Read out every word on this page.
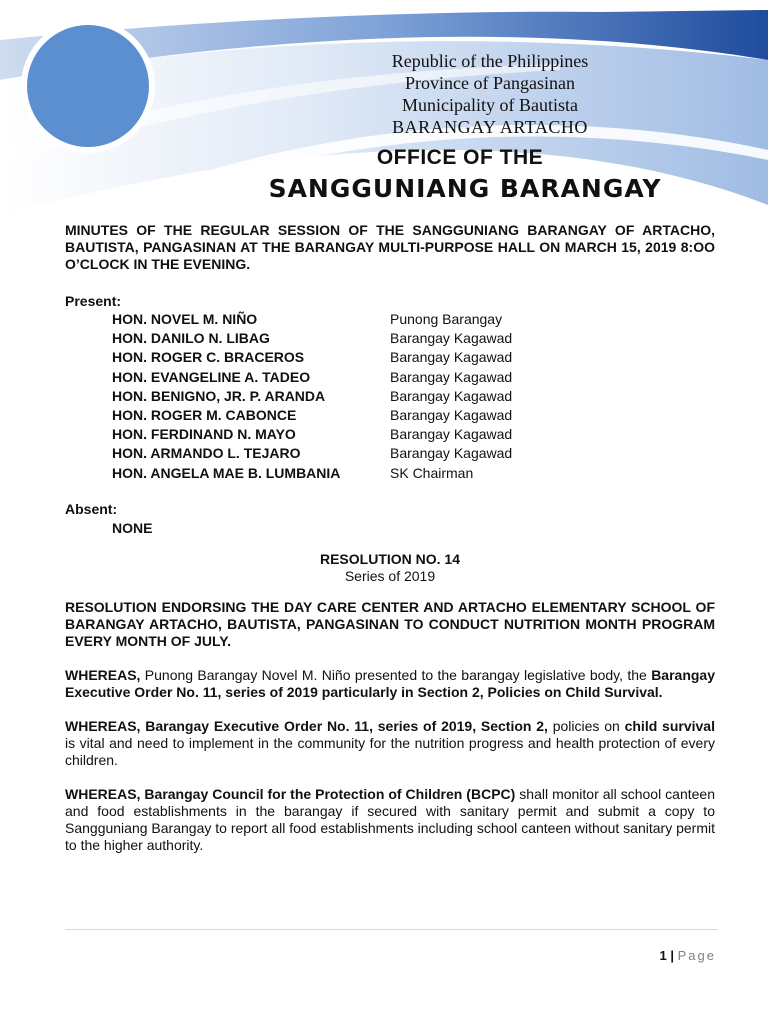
Republic of the Philippines
Province of Pangasinan
Municipality of Bautista
BARANGAY ARTACHO
OFFICE OF THE
SANGGUNIANG BARANGAY
MINUTES OF THE REGULAR SESSION OF THE SANGGUNIANG BARANGAY OF ARTACHO, BAUTISTA, PANGASINAN AT THE BARANGAY MULTI-PURPOSE HALL ON MARCH 15, 2019 8:OO O’CLOCK IN THE EVENING.
Present:
HON. NOVEL M. NIÑO	Punong Barangay
HON. DANILO N. LIBAG	Barangay Kagawad
HON. ROGER C. BRACEROS	Barangay Kagawad
HON. EVANGELINE A. TADEO	Barangay Kagawad
HON. BENIGNO, JR. P. ARANDA	Barangay Kagawad
HON. ROGER M. CABONCE	Barangay Kagawad
HON. FERDINAND N. MAYO	Barangay Kagawad
HON. ARMANDO L. TEJARO	Barangay Kagawad
HON. ANGELA MAE B. LUMBANIA	SK Chairman
Absent:
NONE
RESOLUTION NO. 14
Series of 2019
RESOLUTION ENDORSING THE DAY CARE CENTER AND ARTACHO ELEMENTARY SCHOOL OF BARANGAY ARTACHO, BAUTISTA, PANGASINAN TO CONDUCT NUTRITION MONTH PROGRAM EVERY MONTH OF JULY.
WHEREAS, Punong Barangay Novel M. Niño presented to the barangay legislative body, the Barangay Executive Order No. 11, series of 2019 particularly in Section 2, Policies on Child Survival.
WHEREAS, Barangay Executive Order No. 11, series of 2019, Section 2, policies on child survival is vital and need to implement in the community for the nutrition progress and health protection of every children.
WHEREAS, Barangay Council for the Protection of Children (BCPC) shall monitor all school canteen and food establishments in the barangay if secured with sanitary permit and submit a copy to Sangguniang Barangay to report all food establishments including school canteen without sanitary permit to the higher authority.
1 | Page
